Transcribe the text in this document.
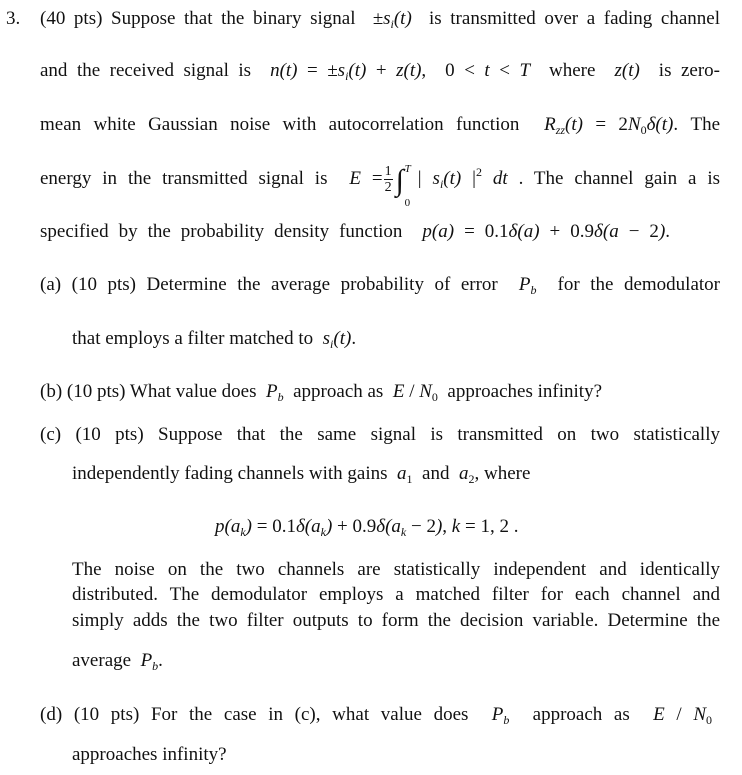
3. (40 pts) Suppose that the binary signal  $\pm s_i(t)$  is transmitted over a fading channel
and the received signal is  $n(t) = \pm s_i(t) + z(t)$,  0 < t < T  where  z(t)  is zero-
mean white Gaussian noise with autocorrelation function  $R_{zz}(t) = 2N_0\delta(t)$. The
energy in the transmitted signal is  $E = \frac{1}{2}$ ∫ T
0
| $s_i(t)$ $|^2$ dt . The channel gain a is
specified by the probability density function  p(a) = 0.1δ(a) + 0.9δ(a − 2).
(a) (10 pts) Determine the average probability of error  $P_b$  for the demodulator
that employs a filter matched to  $s_i(t)$.
(b) (10 pts) What value does  $P_b$  approach as  E / $N_0$  approaches infinity?
(c) (10 pts) Suppose that the same signal is transmitted on two statistically
independently fading channels with gains  $a_1$  and  $a_2$, where
$p(a_k) = 0.1\delta(a_k) + 0.9\delta(a_k - 2)$, k = 1, 2 .
The noise on the two channels are statistically independent and identically
distributed. The demodulator employs a matched filter for each channel and
simply adds the two filter outputs to form the decision variable. Determine the
average  $P_b$.
(d) (10 pts) For the case in (c), what value does  $P_b$  approach as  E / $N_0$
approaches infinity?
